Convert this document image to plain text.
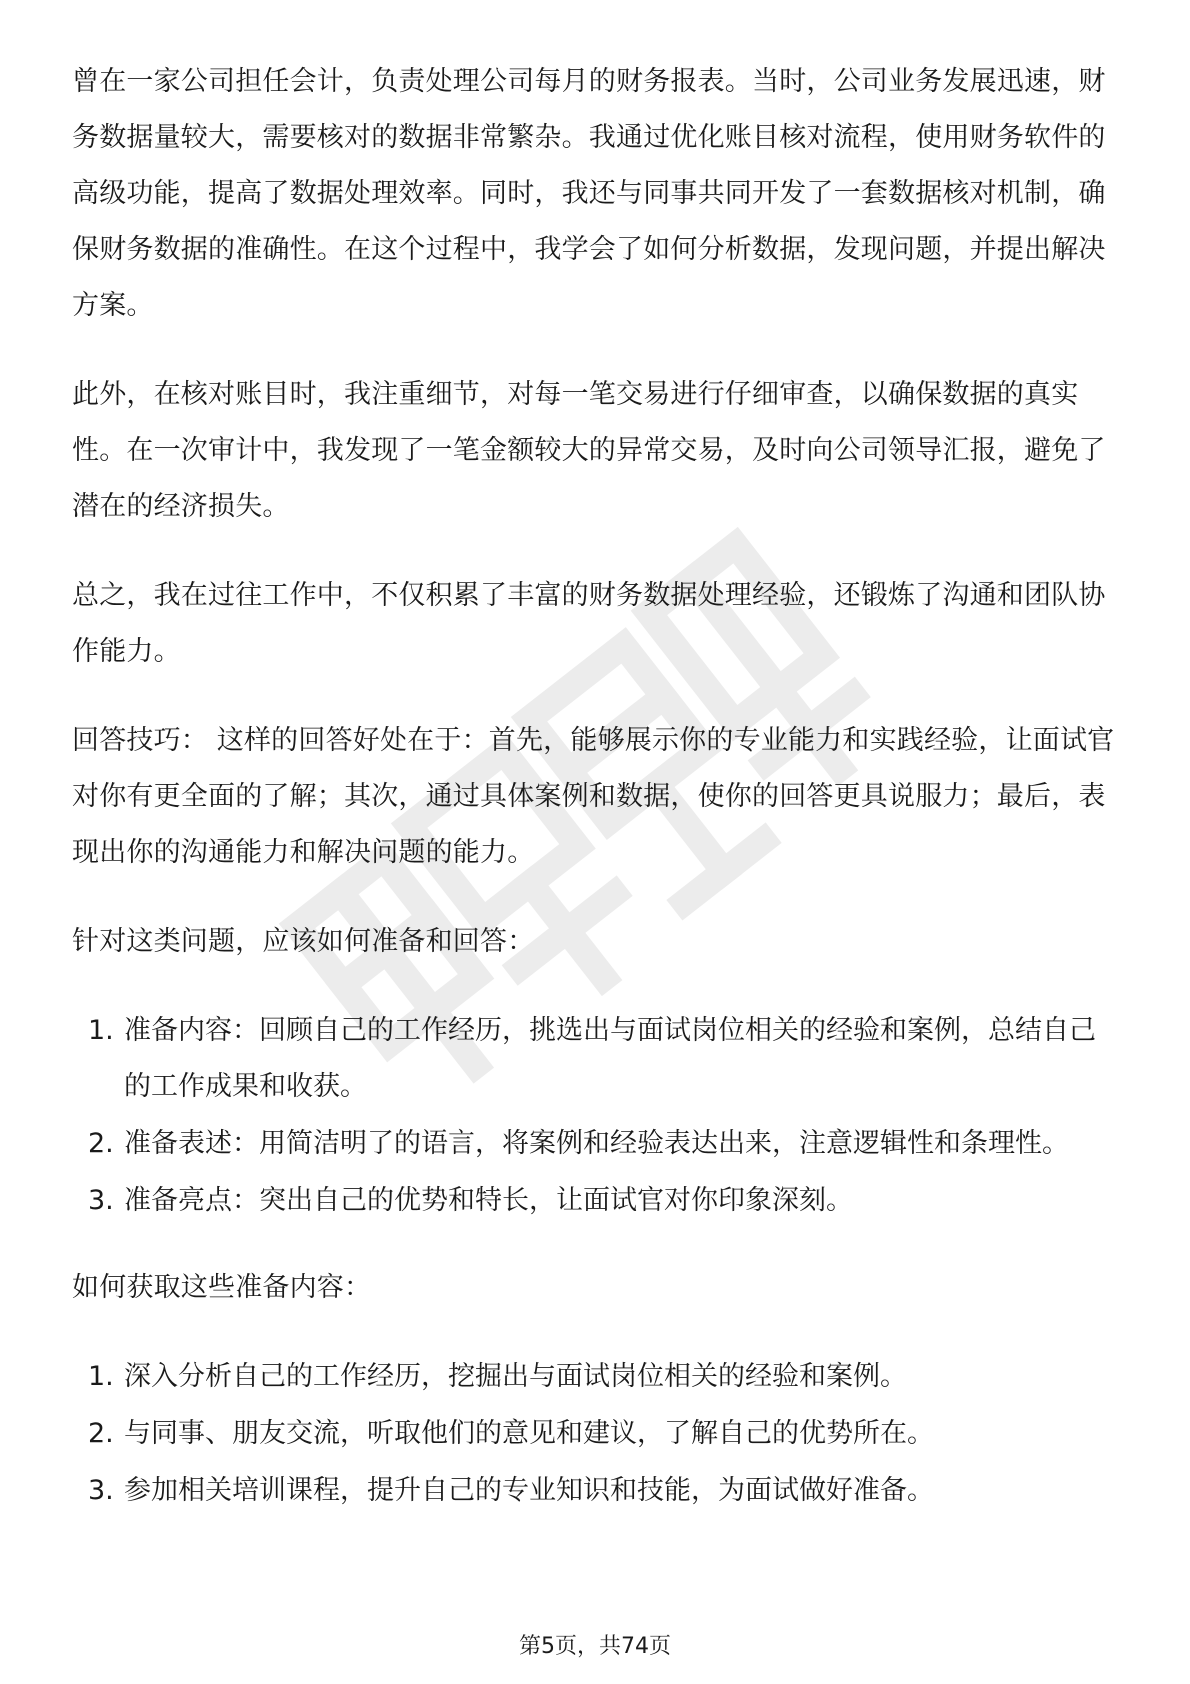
曾在一家公司担任会计，负责处理公司每月的财务报表。当时，公司业务发展迅速，财务数据量较大，需要核对的数据非常繁杂。我通过优化账目核对流程，使用财务软件的高级功能，提高了数据处理效率。同时，我还与同事共同开发了一套数据核对机制，确保财务数据的准确性。在这个过程中，我学会了如何分析数据，发现问题，并提出解决方案。

此外，在核对账目时，我注重细节，对每一笔交易进行仔细审查，以确保数据的真实性。在一次审计中，我发现了一笔金额较大的异常交易，及时向公司领导汇报，避免了潜在的经济损失。

总之，我在过往工作中，不仅积累了丰富的财务数据处理经验，还锻炼了沟通和团队协作能力。

回答技巧： 这样的回答好处在于：首先，能够展示你的专业能力和实践经验，让面试官对你有更全面的了解；其次，通过具体案例和数据，使你的回答更具说服力；最后，表现出你的沟通能力和解决问题的能力。

针对这类问题，应该如何准备和回答：

1. 准备内容：回顾自己的工作经历，挑选出与面试岗位相关的经验和案例，总结自己的工作成果和收获。
2. 准备表述：用简洁明了的语言，将案例和经验表达出来，注意逻辑性和条理性。
3. 准备亮点：突出自己的优势和特长，让面试官对你印象深刻。

如何获取这些准备内容：

1. 深入分析自己的工作经历，挖掘出与面试岗位相关的经验和案例。
2. 与同事、朋友交流，听取他们的意见和建议，了解自己的优势所在。
3. 参加相关培训课程，提升自己的专业知识和技能，为面试做好准备。
第5页，共74页
